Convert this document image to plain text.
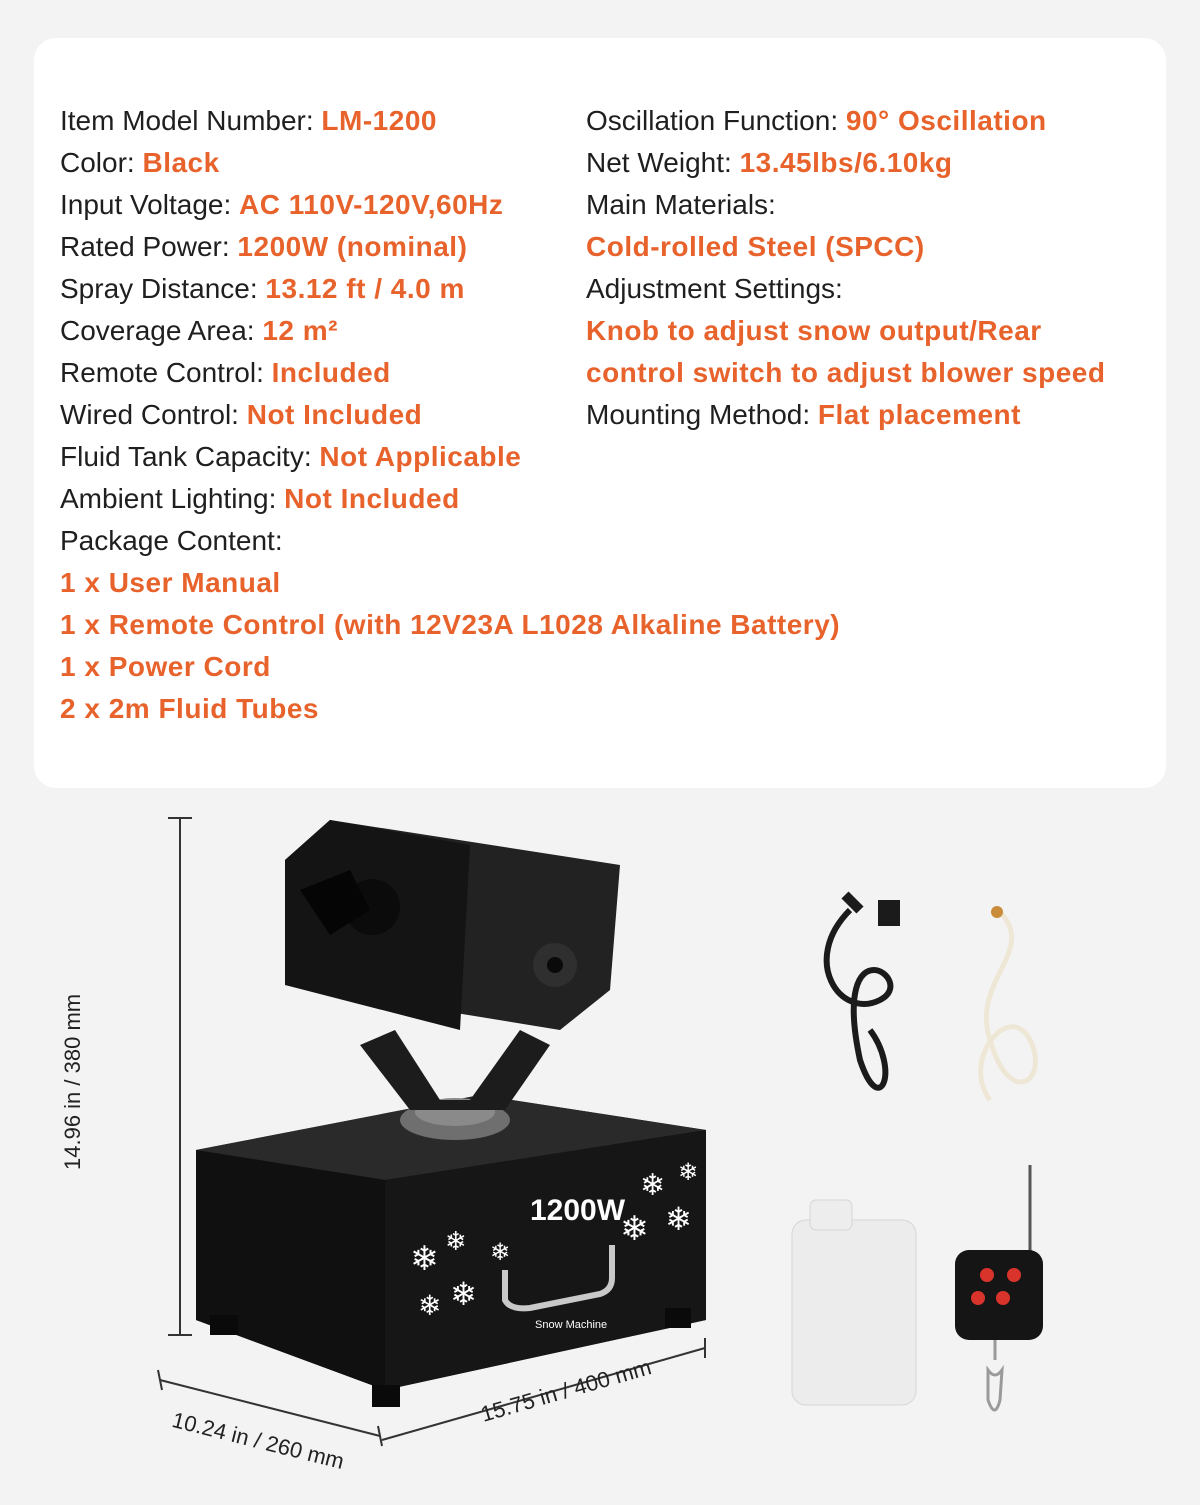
Item Model Number: LM-1200
Color: Black
Input Voltage: AC 110V-120V,60Hz
Rated Power: 1200W (nominal)
Spray Distance: 13.12 ft / 4.0 m
Coverage Area: 12 m²
Remote Control: Included
Wired Control: Not Included
Fluid Tank Capacity: Not Applicable
Ambient Lighting: Not Included
Package Content:
1 x User Manual
1 x Remote Control (with 12V23A L1028 Alkaline Battery)
1 x Power Cord
2 x 2m Fluid Tubes
Oscillation Function: 90° Oscillation
Net Weight: 13.45lbs/6.10kg
Main Materials:
Cold-rolled Steel (SPCC)
Adjustment Settings:
Knob to adjust snow output/Rear
control switch to adjust blower speed
Mounting Method: Flat placement
❄ ❄
❄ ❄
❄
❄
❄
❄
❄
1200W
Snow Machine
14.96 in / 380 mm
10.24 in / 260 mm
15.75 in / 400 mm
